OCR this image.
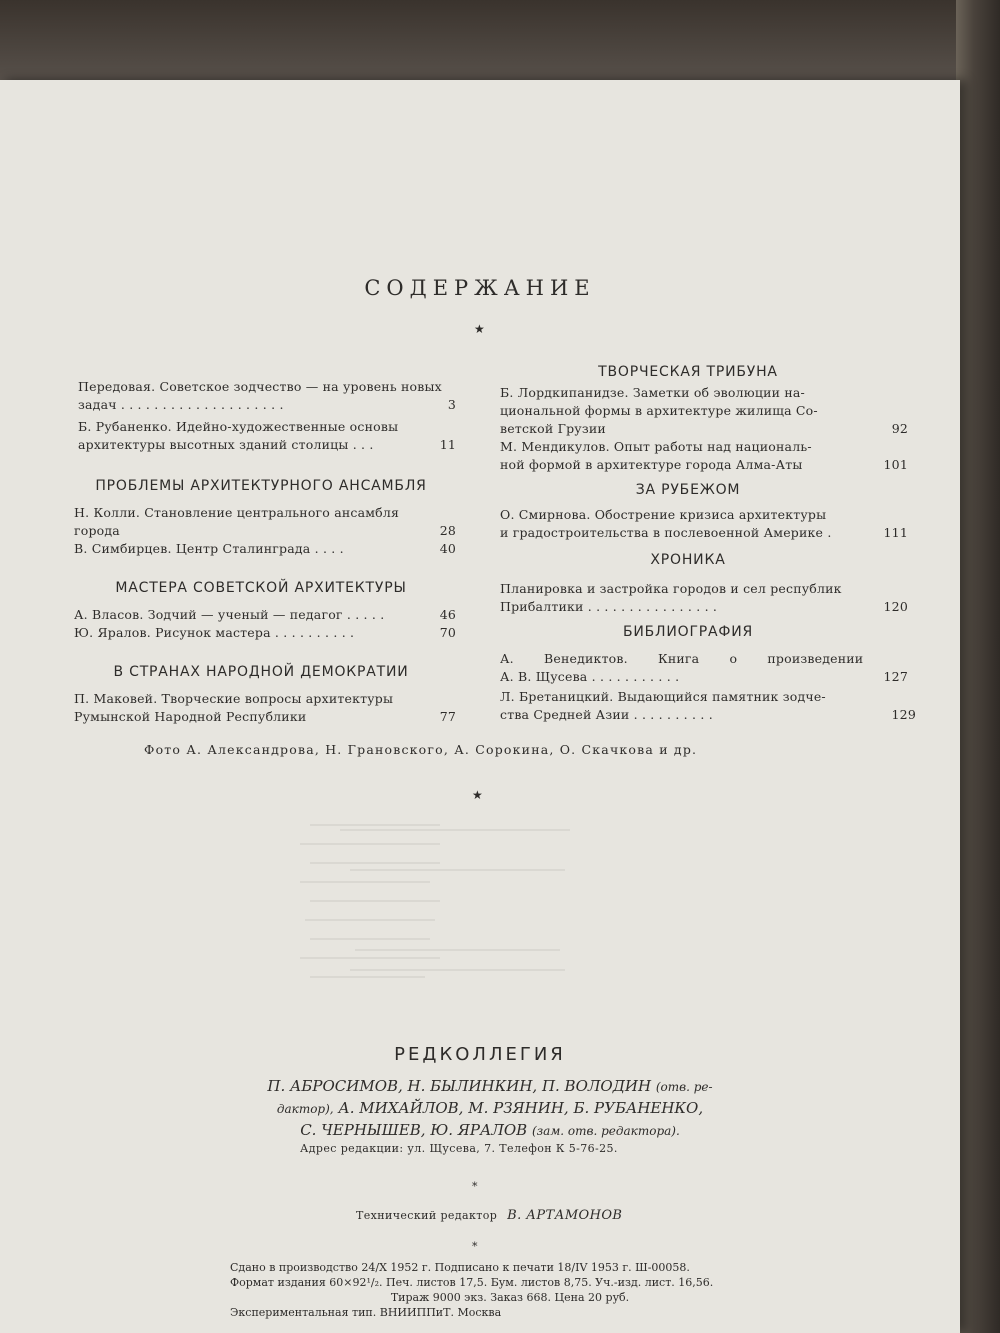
СОДЕРЖАНИЕ
★
Передовая. Советское зодчество — на уровень новых
задач . . . . . . . . . . . . . . . . . . . .	3
Б. Рубаненко. Идейно-художественные основы
архитектуры высотных зданий столицы . . .	11
ПРОБЛЕМЫ АРХИТЕКТУРНОГО АНСАМБЛЯ
Н. Колли. Становление центрального ансамбля
города	28
В. Симбирцев. Центр Сталинграда . . . .	40
МАСТЕРА СОВЕТСКОЙ АРХИТЕКТУРЫ
А. Власов. Зодчий — ученый — педагог . . . . .	46
Ю. Яралов. Рисунок мастера . . . . . . . . . .	70
В СТРАНАХ НАРОДНОЙ ДЕМОКРАТИИ
П. Маковей. Творческие вопросы архитектуры
Румынской Народной Республики	77
ТВОРЧЕСКАЯ ТРИБУНА
Б. Лордкипанидзе. Заметки об эволюции на-
циональной формы в архитектуре жилища Со-
ветской Грузии	92
М. Мендикулов. Опыт работы над националь-
ной формой в архитектуре города Алма-Аты	101
ЗА РУБЕЖОМ
О. Смирнова. Обострение кризиса архитектуры
и градостроительства в послевоенной Америке .	111
ХРОНИКА
Планировка и застройка городов и сел республик
Прибалтики . . . . . . . . . . . . . . . .	120
БИБЛИОГРАФИЯ
А. Венедиктов. Книга о произведении
А. В. Щусева . . . . . . . . . . .	127
Л. Бретаницкий. Выдающийся памятник зодче-
ства Средней Азии . . . . . . . . . .	129
Фото А. Александрова, Н. Грановского, А. Сорокина, О. Скачкова и др.
★
РЕДКОЛЛЕГИЯ
П. АБРОСИМОВ, Н. БЫЛИНКИН, П. ВОЛОДИН (отв. ре-
дактор), А. МИХАЙЛОВ, М. РЗЯНИН, Б. РУБАНЕНКО,
С. ЧЕРНЫШЕВ, Ю. ЯРАЛОВ (зам. отв. редактора).
Адрес редакции: ул. Щусева, 7. Телефон К 5-76-25.
*
Технический редактор В. АРТАМОНОВ
*
Сдано в производство 24/X 1952 г. Подписано к печати 18/IV 1953 г. Ш-00058.
Формат издания 60×92¹/₂. Печ. листов 17,5. Бум. листов 8,75. Уч.-изд. лист. 16,56.
Тираж 9000 экз. Заказ 668. Цена 20 руб.
Экспериментальная тип. ВНИИППиТ. Москва
